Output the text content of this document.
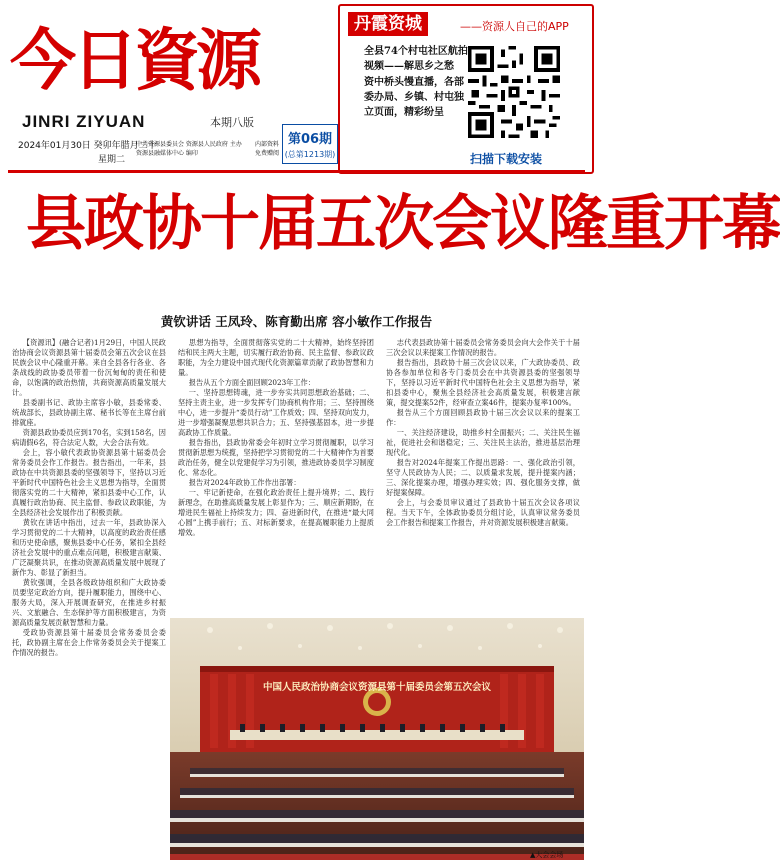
今日資源
JINRI ZIYUAN	本期八版
2024年01月30日 癸卯年腊月二十
星期二
中共资源县委员会 资源县人民政府 主办
资源县融媒体中心 编印
内部资料
免费赠阅
第06期
(总第1213期)
丹霞资城	——资源人自己的APP
全县74个村屯社区航拍视频——解思乡之愁
资中桥头慢直播，各部委办局、乡镇、村屯独立页面，精彩纷呈
扫描下载安装
县政协十届五次会议隆重开幕
黄钦讲话 王凤玲、陈育勤出席 容小敏作工作报告

【资源讯】(融合记者)1月29日，中国人民政治协商会议资源县第十届委员会第五次会议在县民族会议中心隆重开幕。来自全县各行各业、各条战线的政协委员带着一份沉甸甸的责任和使命，以饱满的政治热情，共商资源高质量发展大计。

县委副书记、政协主席容小敏，县委常委、统战部长，县政协副主席、秘书长等在主席台前排就座。

资源县政协委员应到170名，实到158名，因病请假6名，符合法定人数，大会合法有效。

会上，容小敏代表政协资源县第十届委员会常务委员会作工作报告。报告指出，一年来，县政协在中共资源县委的坚强领导下，坚持以习近平新时代中国特色社会主义思想为指导，全面贯彻落实党的二十大精神，紧扣县委中心工作，认真履行政治协商、民主监督、参政议政职能，为全县经济社会发展作出了积极贡献。

黄钦在讲话中指出，过去一年，县政协深入学习贯彻党的二十大精神，以高度的政治责任感和历史使命感，聚焦县委中心任务，紧扣全县经济社会发展中的重点难点问题，积极建言献策、广泛凝聚共识，在推动资源高质量发展中展现了新作为、彰显了新担当。

黄钦强调，全县各级政协组织和广大政协委员要坚定政治方向，提升履职能力，围绕中心、服务大局，深入开展调查研究，在推进乡村振兴、文旅融合、生态保护等方面积极建言，为资源高质量发展贡献智慧和力量。

受政协资源县第十届委员会常务委员会委托，政协副主席在会上作常务委员会关于提案工作情况的报告。

思想为指导，全面贯彻落实党的二十大精神，始终坚持团结和民主两大主题，切实履行政治协商、民主监督、参政议政职能，为全力建设中国式现代化资源篇章贡献了政协智慧和力量。

报告从五个方面全面回顾2023年工作：

一、坚持思想铸魂，进一步夯实共同思想政治基础；二、坚持主责主业，进一步发挥专门协商机构作用；三、坚持围绕中心，进一步提升“委员行动”工作质效；四、坚持双向发力，进一步增强凝聚思想共识合力；五、坚持强基固本，进一步提高政协工作质量。

报告指出，县政协常委会年初时立学习贯彻履职，以学习贯彻新思想为统揽，坚持把学习贯彻党的二十大精神作为首要政治任务，健全以党建促学习为引领，推进政协委员学习制度化、常态化。

报告对2024年政协工作作出部署：

一、牢记新使命，在强化政治责任上提升境界；二、践行新理念，在助推高质量发展上彰显作为；三、顺应新期盼，在增进民生福祉上持续发力；四、奋进新时代，在推进“最大同心圆”上携手前行；五、对标新要求，在提高履职能力上提质增效。

志代表县政协第十届委员会常务委员会向大会作关于十届三次会议以来提案工作情况的报告。

报告指出，县政协十届三次会议以来，广大政协委员、政协各参加单位和各专门委员会在中共资源县委的坚强领导下，坚持以习近平新时代中国特色社会主义思想为指导，紧扣县委中心，聚焦全县经济社会高质量发展，积极建言献策，提交提案52件，经审查立案46件，提案办复率100%。

报告从三个方面回顾县政协十届三次会议以来的提案工作：

一、关注经济建设，助推乡村全面振兴；二、关注民生福祉，促进社会和谐稳定；三、关注民主法治，推进基层治理现代化。

报告对2024年提案工作提出思路：一、强化政治引领，坚守人民政协为人民；二、以质量求发展，提升提案内涵；三、深化提案办理，增强办理实效；四、强化服务支撑，做好提案保障。

会上，与会委员审议通过了县政协十届五次会议各项议程。当天下午，全体政协委员分组讨论，认真审议常务委员会工作报告和提案工作报告，并对资源发展积极建言献策。

中国人民政治协商会议资源县第十届委员会第五次会议
▲大会会场
